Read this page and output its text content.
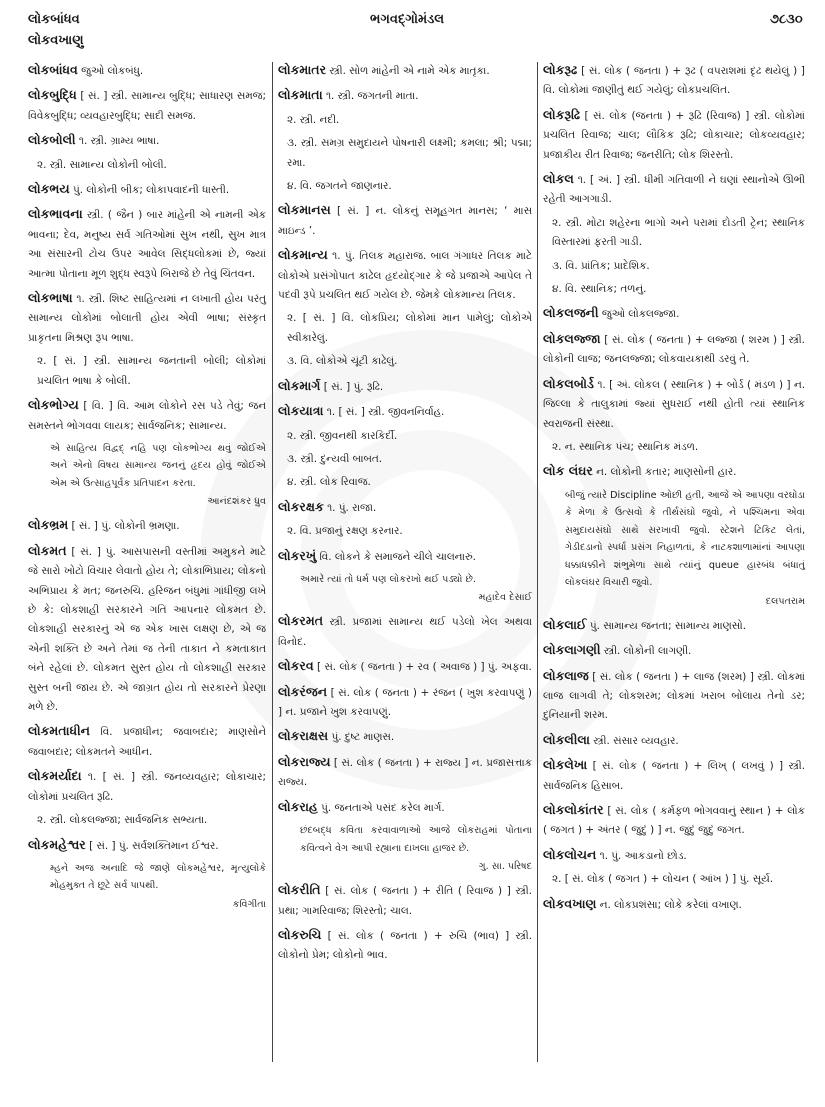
લોકબાંધવ
લોકવખાણુ
ભગવદ્ગોમંડલ	૭૮૩૦
લોકબાંધવ જુઓ લોકબંધુ.
લોકબુદ્ધિ [ સં. ] સ્ત્રી. સામાન્ય બુદ્ધિ; સાધારણ સમજ; વિવેકબુદ્ધિ; વ્યવહારબુદ્ધિ; સાદી સમજ.
લોકબોલી ૧. સ્ત્રી. ગ્રામ્ય ભાષા.
૨. સ્ત્રી. સામાન્ય લોકોની બોલી.
લોકભય પું. લોકોની બીક; લોકાપવાદની ધાસ્તી.
લોકભાવના સ્ત્રી. ( જૈન ) બાર માંહેની એ નામની એક ભાવના; દેવ, મનુષ્ય સર્વ ગતિઓમાં સુખ નથી, સુખ માત્ર આ સંસારની ટોચ ઉપર આવેલ સિદ્ધલોકમાં છે, જ્યાં આત્મા પોતાના મૂળ શુદ્ધ સ્વરૂપે બિરાજે છે તેવું ચિંતવન.
લોકભાષા ૧. સ્ત્રી. શિષ્ટ સાહિત્યમાં ન લખાતી હોય પરંતુ સામાન્ય લોકોમાં બોલાતી હોય એવી ભાષા; સંસ્કૃત પ્રાકૃતના મિશ્રણ રૂપ ભાષા.
૨. [ સં. ] સ્ત્રી. સામાન્ય જનતાની બોલી; લોકોમાં પ્રચલિત ભાષા કે બોલી.
લોકભોગ્ય [ વિ. ] વિ. આમ લોકોને રસ પડે તેવું; જન સમસ્તને ભોગવવા લાયક; સાર્વજનિક; સામાન્ય.
એ સાહિત્ય વિદ્વદ્ નહિ પણ લોકભોગ્ય થવું જોઈએ અને એનો વિષય સામાન્ય જનનું હૃદય હોવું જોઈએ એમ એ ઉત્સાહપૂર્વક પ્રતિપાદન કરતા.
આનંદશંકર ધ્રુવ
લોકભ્રમ [ સં. ] પું. લોકોની ભ્રમણા.
લોકમત [ સં. ] પું. આસપાસની વસ્તીમાં અમુકને માટે જે સારો ખોટો વિચાર લેવાતો હોય તે; લોકાભિપ્રાય; લોકનો અભિપ્રાય કે મત; જનરુચિ. હરિજન બંધુમાં ગાંધીજી લખે છે કે: લોકશાહી સરકારને ગતિ આપનાર લોકમત છે. લોકશાહી સરકારનું એ જ એક ખાસ લક્ષણ છે, એ જ એની શક્તિ છે અને તેમાં જ તેની તાકાત ને કમતાકાત બંને રહેલાં છે. લોકમત સુસ્ત હોય તો લોકશાહી સરકાર સુસ્ત બની જાય છે. એ જાગ્રત હોય તો સરકારને પ્રેરણા મળે છે.
લોકમતાધીન વિ. પ્રજાધીન; જવાબદાર; માણસોને જવાબદાર; લોકમતને આધીન.
લોકમર્યાદા ૧. [ સં. ] સ્ત્રી. જનવ્યવહાર; લોકાચાર; લોકોમાં પ્રચલિત રૂઢિ.
૨. સ્ત્રી. લોકલજ્જા; સાર્વજનિક સભ્યતા.
લોકમહેશ્વર [ સં. ] પું. સર્વશક્તિમાન ઈશ્વર.
મ્હને અજ અનાદિ જે જાણે લોકમહેશ્વર, મૃત્યુલોકે મોહમુક્ત તે છૂટે સર્વ પાપથી.
કવિગીતા
લોકમાતર સ્ત્રી. સોળ માંહેની એ નામે એક માતૃકા.
લોકમાતા ૧. સ્ત્રી. જગતની માતા.
૨. સ્ત્રી. નદી.
૩. સ્ત્રી. સમગ્ર સમુદાયને પોષનારી લક્ષ્મી; કમલા; શ્રી; પદ્મા; રમા.
૪. વિ. જગતને જાણનાર.
લોકમાનસ [ સં. ] ન. લોકનું સમૂહગત માનસ; ‘ માસ માઇન્ડ ’.
લોકમાન્ય ૧. પું. તિલક મહારાજ. બાલ ગંગાધર તિલક માટે લોકોએ પ્રસંગોપાત કાઢેલ હૃદયોદ્ગાર કે જે પ્રજાએ આપેલ તે પદવી રૂપે પ્રચલિત થઈ ગયેલ છે. જેમકે લોકમાન્ય તિલક.
૨. [ સં. ] વિ. લોકપ્રિય; લોકોમાં માન પામેલું; લોકોએ સ્વીકારેલું.
૩. વિ. લોકોએ ચૂંટી કાઢેલું.
લોકમાર્ગ [ સં. ] પું. રૂઢિ.
લોકયાત્રા ૧. [ સં. ] સ્ત્રી. જીવનનિર્વાહ.
૨. સ્ત્રી. જીવનથી કારકિર્દી.
૩. સ્ત્રી. દુન્યવી બાબત.
૪. સ્ત્રી. લોક રિવાજ.
લોકરક્ષક ૧. પું. રાજા.
૨. વિ. પ્રજાનું રક્ષણ કરનાર.
લોકરખું વિ. લોકને કે સમાજને ચીલે ચાલનારું.
અમારે ત્યાં તો ધર્મ પણ લોકરખો થઈ પડ્યો છે.
મહાદેવ દેસાઈ
લોકરમત સ્ત્રી. પ્રજામાં સામાન્ય થઈ પડેલો ખેલ અથવા વિનોદ.
લોકરવ [ સં. લોક ( જનતા ) + રવ ( અવાજ ) ] પું. અફવા.
લોકરંજન [ સં. લોક ( જનતા ) + રંજન ( ખુશ કરવાપણું ) ] ન. પ્રજાને ખુશ કરવાપણું.
લોકરાક્ષસ પું. દુષ્ટ માણસ.
લોકરાજ્ય [ સં. લોક ( જનતા ) + રાજ્ય ] ન. પ્રજાસત્તાક રાજ્ય.
લોકરાહ પું. જનતાએ પસંદ કરેલ માર્ગ.
છંદબદ્ધ કવિતા કરવાવાળાઓ આજે લોકરાહમાં પોતાના કવિત્વને વેગ આપી રહ્યાના દાખલા હાજર છે.
ગુ. સા. પરિષદ
લોકરીતિ [ સં. લોક ( જનતા ) + રીતિ ( રિવાજ ) ] સ્ત્રી. પ્રથા; ગામરિવાજ; શિરસ્તો; ચાલ.
લોકરુચિ [ સં. લોક ( જનતા ) + રુચિ (ભાવ) ] સ્ત્રી. લોકોનો પ્રેમ; લોકોનો ભાવ.
લોકરૂઢ [ સં. લોક ( જનતા ) + રૂઢ ( વપરાશમાં દૃઢ થયેલું ) ] વિ. લોકોમાં જાણીતું થઈ ગયેલું; લોકપ્રચલિત.
લોકરૂઢિ [ સં. લોક (જનતા ) + રૂઢિ (રિવાજ) ] સ્ત્રી. લોકોમાં પ્રચલિત રિવાજ; ચાલ; લૌકિક રૂઢિ; લોકાચાર; લોકવ્યવહાર; પ્રજાકીય રીત રિવાજ; જનરીતિ; લોક શિરસ્તો.
લોકલ ૧. [ અં. ] સ્ત્રી. ધીમી ગતિવાળી ને ઘણાં સ્થાનોએ ઊભી રહેતી આગગાડી.
૨. સ્ત્રી. મોટા શહેરના ભાગો અને પરામાં દોડતી ટ્રેન; સ્થાનિક વિસ્તારમાં ફરતી ગાડી.
૩. વિ. પ્રાંતિક; પ્રાદેશિક.
૪. વિ. સ્થાનિક; તળનું.
લોકલજની જુઓ લોકલજ્જા.
લોકલજ્જા [ સં. લોક ( જનતા ) + લજ્જા ( શરમ ) ] સ્ત્રી. લોકોની લાજ; જનલજ્જા; લોકવાયકાથી ડરવું તે.
લોકલબોર્ડ ૧. [ અં. લોકલ ( સ્થાનિક ) + બોર્ડ ( મંડળ ) ] ન. જિલ્લા કે તાલુકામાં જ્યાં સુધરાઈ નથી હોતી ત્યાં સ્થાનિક સ્વરાજની સંસ્થા.
૨. ન. સ્થાનિક પંચ; સ્થાનિક મંડળ.
લોક લંઘર ન. લોકોની કતાર; માણસોની હાર.
બીજું ત્યારે Discipline ઓછી હતી, આજે એ આપણા વરઘોડા કે મેળા કે ઉત્સવો કે તીર્થસંઘો જુવો, ને પશ્ચિમના એવા સમુદાયસંઘો સાથે સરખાવી જુવો. સ્ટેશને ટિકિટ લેતાં, ગેડીદડાનો સ્પર્ધા પ્રસંગ નિહાળતાં, કે નાટકશાળામાંનાં આપણા ધક્કાધક્કીને શંભુમેળા સાથે ત્યાંનું queue હારબંધ બંધાતું લોકલંઘર વિચારી જુવો.
દલપતરામ
લોકલાઈ પું. સામાન્ય જનતા; સામાન્ય માણસો.
લોકલાગણી સ્ત્રી. લોકોની લાગણી.
લોકલાજ [ સં. લોક ( જનતા ) + લાજ (શરમ) ] સ્ત્રી. લોકમાં લાજ લાગવી તે; લોકશરમ; લોકમાં ખરાબ બોલાય તેનો ડર; દુનિયાની શરમ.
લોકલીલા સ્ત્રી. સંસાર વ્યવહાર.
લોકલેખા [ સં. લોક ( જનતા ) + લિખ્ ( લખવું ) ] સ્ત્રી. સાર્વજનિક હિસાબ.
લોકલોકાંતર [ સં. લોક ( કર્મફળ ભોગવવાનું સ્થાન ) + લોક ( જગત ) + અંતર ( જુદું ) ] ન. જુદું જુદું જગત.
લોકલોચન ૧. પું. આકડાનો છોડ.
૨. [ સં. લોક ( જગત ) + લોચન ( આંખ ) ] પું. સૂર્ય.
લોકવખાણ ન. લોકપ્રશંસા; લોકે કરેલાં વખાણ.
